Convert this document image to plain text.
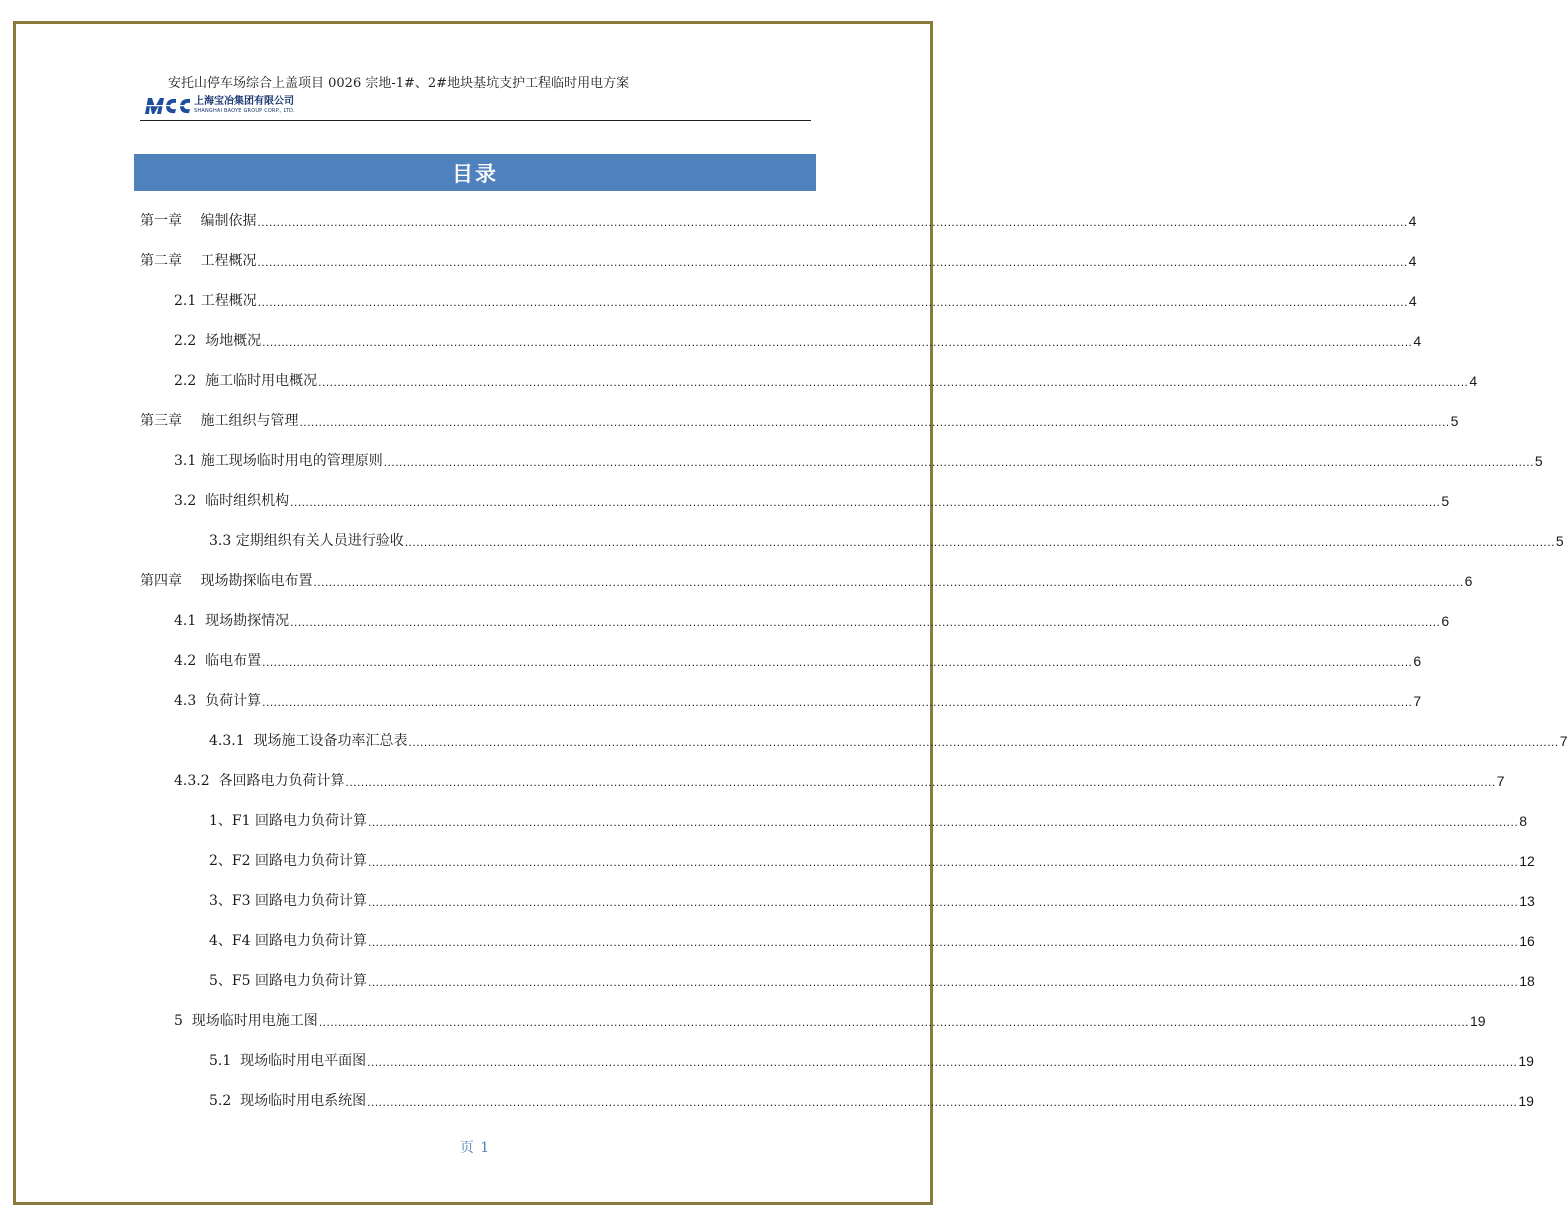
安托山停车场综合上盖项目 0026 宗地-1#、2#地块基坑支护工程临时用电方案
上海宝冶集团有限公司
SHANGHAI BAOYE GROUP CORP., LTD.
目录
第一章　 编制依据 ............................................................................................................................................................................................................................................................................................................ 4
第二章　 工程概况 ............................................................................................................................................................................................................................................................................................................ 4
2.1 工程概况 ............................................................................................................................................................................................................................................................................................................ 4
2.2  场地概况 ............................................................................................................................................................................................................................................................................................................ 4
2.2  施工临时用电概况 ............................................................................................................................................................................................................................................................................................................ 4
第三章　 施工组织与管理 ............................................................................................................................................................................................................................................................................................................ 5
3.1 施工现场临时用电的管理原则 ............................................................................................................................................................................................................................................................................................................ 5
3.2  临时组织机构 ............................................................................................................................................................................................................................................................................................................ 5
3.3 定期组织有关人员进行验收 ............................................................................................................................................................................................................................................................................................................ 5
第四章　 现场勘探临电布置 ............................................................................................................................................................................................................................................................................................................ 6
4.1  现场勘探情况 ............................................................................................................................................................................................................................................................................................................ 6
4.2  临电布置 ............................................................................................................................................................................................................................................................................................................ 6
4.3  负荷计算 ............................................................................................................................................................................................................................................................................................................ 7
4.3.1  现场施工设备功率汇总表 ............................................................................................................................................................................................................................................................................................................ 7
4.3.2  各回路电力负荷计算 ............................................................................................................................................................................................................................................................................................................ 7
1、F1 回路电力负荷计算 ............................................................................................................................................................................................................................................................................................................ 8
2、F2 回路电力负荷计算 ............................................................................................................................................................................................................................................................................................................ 12
3、F3 回路电力负荷计算 ............................................................................................................................................................................................................................................................................................................ 13
4、F4 回路电力负荷计算 ............................................................................................................................................................................................................................................................................................................ 16
5、F5 回路电力负荷计算 ............................................................................................................................................................................................................................................................................................................ 18
5  现场临时用电施工图 ............................................................................................................................................................................................................................................................................................................ 19
5.1  现场临时用电平面图 ............................................................................................................................................................................................................................................................................................................ 19
5.2  现场临时用电系统图 ............................................................................................................................................................................................................................................................................................................ 19
页 1
